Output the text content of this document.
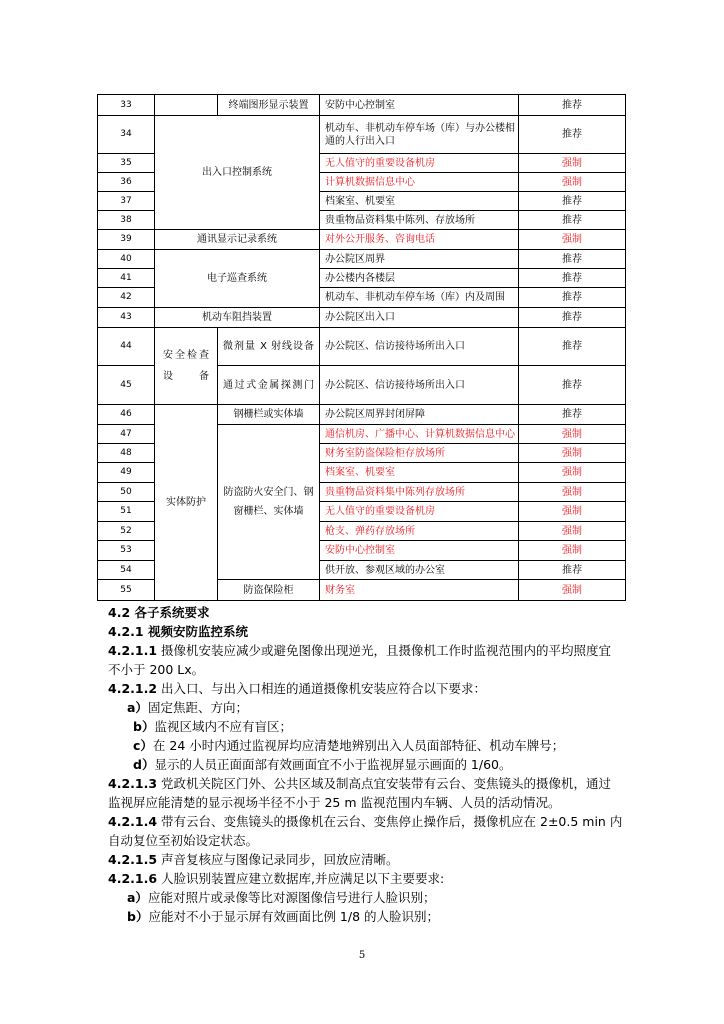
33		终端图形显示装置	安防中心控制室	推荐
34	出入口控制系统		机动车、非机动车停车场（库）与办公楼相通的人行出入口	推荐
35			无人值守的重要设备机房	强制
36			计算机数据信息中心	强制
37			档案室、机要室	推荐
38			贵重物品资料集中陈列、存放场所	推荐
39	通讯显示记录系统		对外公开服务、咨询电话	强制
40	电子巡查系统		办公院区周界	推荐
41			办公楼内各楼层	推荐
42			机动车、非机动车停车场（库）内及周围	推荐
43	机动车阻挡装置		办公院区出入口	推荐
44	安全检查设备	微剂量 X 射线设备	办公院区、信访接待场所出入口	推荐
45		通过式金属探测门	办公院区、信访接待场所出入口	推荐
46	实体防护	钢栅栏或实体墙	办公院区周界封闭屏障	推荐
47		防盗防火安全门、钢窗栅栏、实体墙	通信机房、广播中心、计算机数据信息中心	强制
48			财务室防盗保险柜存放场所	强制
49			档案室、机要室	强制
50			贵重物品资料集中陈列存放场所	强制
51			无人值守的重要设备机房	强制
52			枪支、弹药存放场所	强制
53			安防中心控制室	强制
54			供开放、参观区域的办公室	推荐
55		防盗保险柜	财务室	强制

4.2 各子系统要求

4.2.1 视频安防监控系统

4.2.1.1 摄像机安装应减少或避免图像出现逆光，且摄像机工作时监视范围内的平均照度宜不小于 200 Lx。

4.2.1.2 出入口、与出入口相连的通道摄像机安装应符合以下要求：

a）固定焦距、方向；

b）监视区域内不应有盲区；

c）在 24 小时内通过监视屏均应清楚地辨别出入人员面部特征、机动车牌号；

d）显示的人员正面面部有效画面宜不小于监视屏显示画面的 1/60。

4.2.1.3 党政机关院区门外、公共区域及制高点宜安装带有云台、变焦镜头的摄像机，通过监视屏应能清楚的显示视场半径不小于 25 m 监视范围内车辆、人员的活动情况。

4.2.1.4 带有云台、变焦镜头的摄像机在云台、变焦停止操作后，摄像机应在 2±0.5 min 内自动复位至初始设定状态。

4.2.1.5 声音复核应与图像记录同步，回放应清晰。

4.2.1.6 人脸识别装置应建立数据库,并应满足以下主要要求:

a）应能对照片或录像等比对源图像信号进行人脸识别；

b）应能对不小于显示屏有效画面比例 1/8 的人脸识别；

5
